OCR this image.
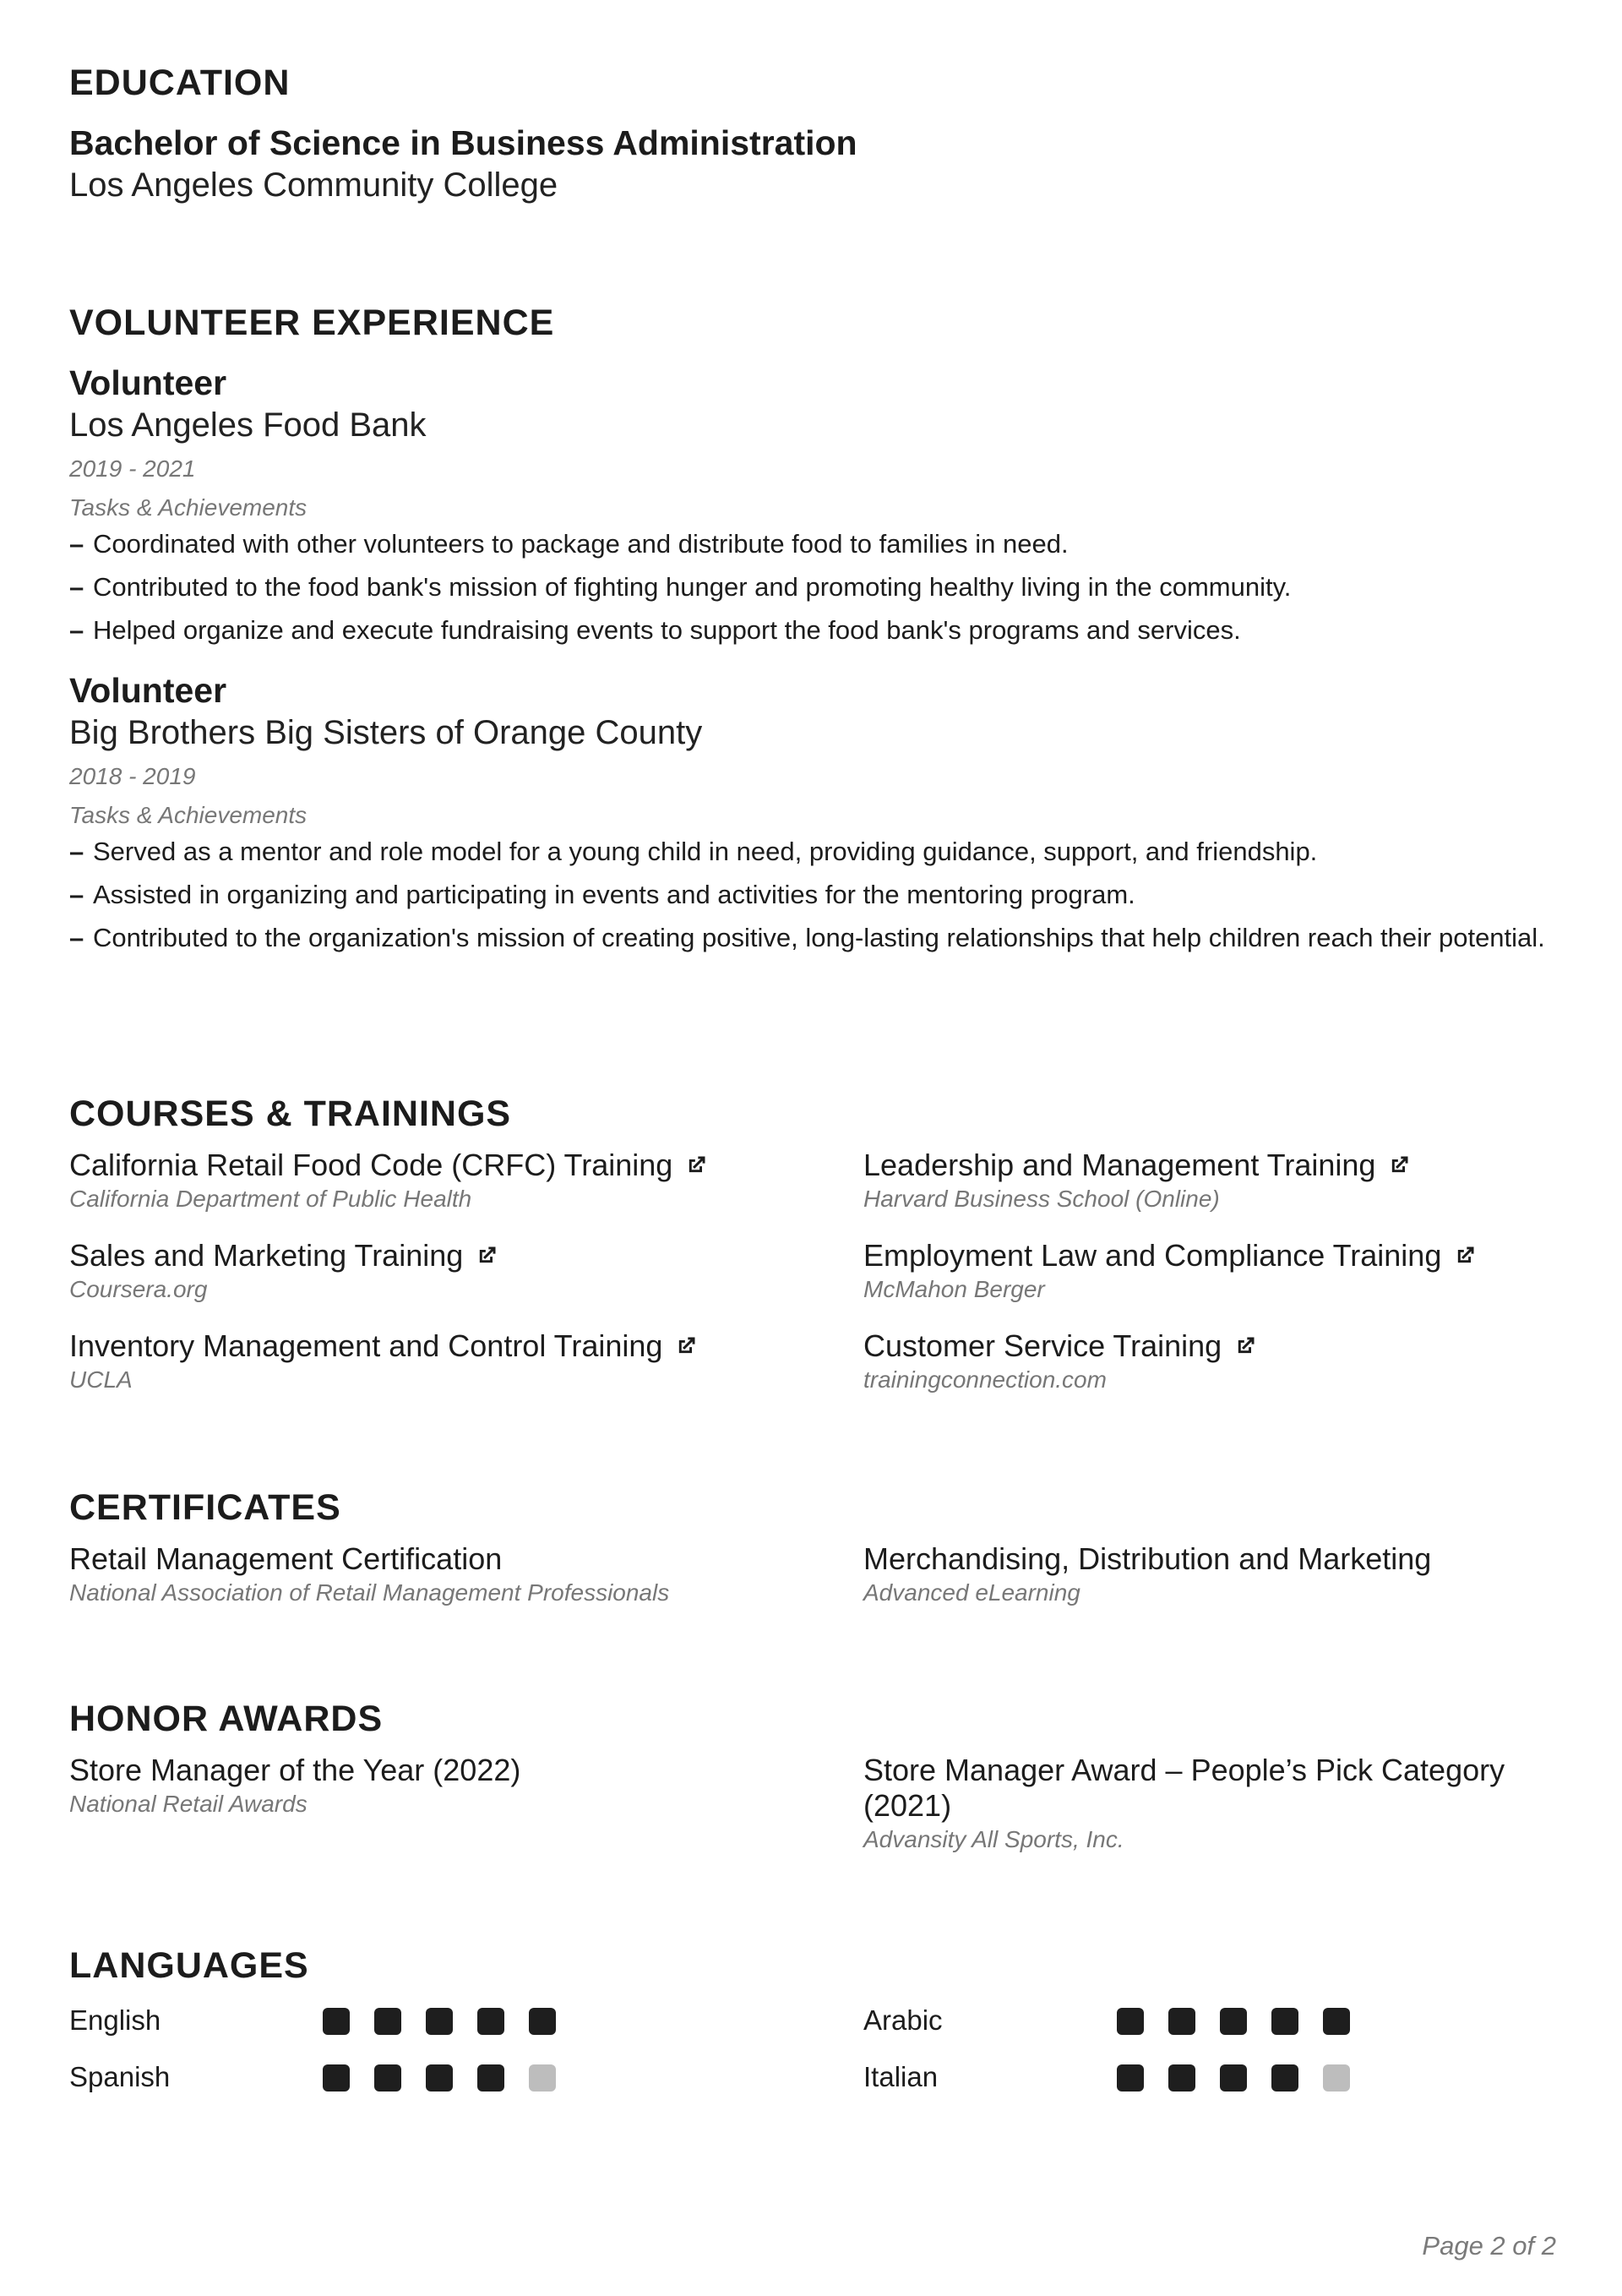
EDUCATION
Bachelor of Science in Business Administration
Los Angeles Community College
VOLUNTEER EXPERIENCE
Volunteer
Los Angeles Food Bank
2019 - 2021
Tasks & Achievements
– Coordinated with other volunteers to package and distribute food to families in need.
– Contributed to the food bank's mission of fighting hunger and promoting healthy living in the community.
– Helped organize and execute fundraising events to support the food bank's programs and services.
Volunteer
Big Brothers Big Sisters of Orange County
2018 - 2019
Tasks & Achievements
– Served as a mentor and role model for a young child in need, providing guidance, support, and friendship.
– Assisted in organizing and participating in events and activities for the mentoring program.
– Contributed to the organization's mission of creating positive, long-lasting relationships that help children reach their potential.
COURSES & TRAININGS
California Retail Food Code (CRFC) Training
California Department of Public Health
Leadership and Management Training
Harvard Business School (Online)
Sales and Marketing Training
Coursera.org
Employment Law and Compliance Training
McMahon Berger
Inventory Management and Control Training
UCLA
Customer Service Training
trainingconnection.com
CERTIFICATES
Retail Management Certification
National Association of Retail Management Professionals
Merchandising, Distribution and Marketing
Advanced eLearning
HONOR AWARDS
Store Manager of the Year (2022)
National Retail Awards
Store Manager Award – People’s Pick Category (2021)
Advansity All Sports, Inc.
LANGUAGES
English	Arabic
Spanish	Italian
Page 2 of 2
